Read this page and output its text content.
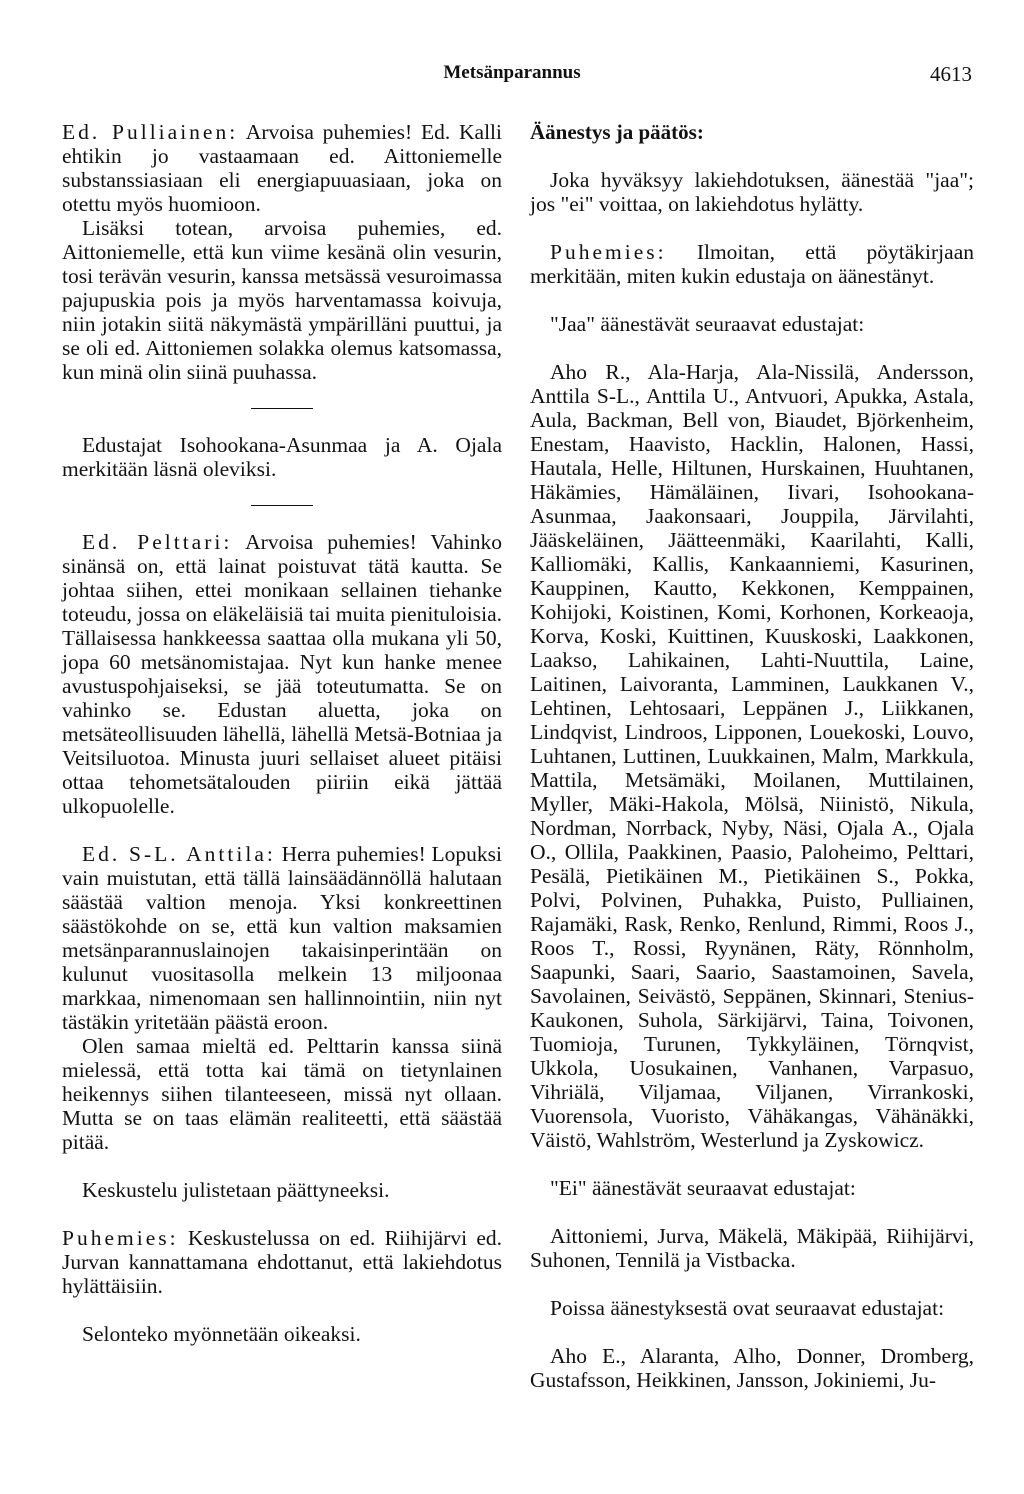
Metsänparannus	4613

Ed. Pulliainen: Arvoisa puhemies! Ed. Kalli ehtikin jo vastaamaan ed. Aittoniemelle substanssiasiaan eli energiapuuasiaan, joka on otettu myös huomioon.

Lisäksi totean, arvoisa puhemies, ed. Aittoniemelle, että kun viime kesänä olin vesurin, tosi terävän vesurin, kanssa metsässä vesuroimassa pajupuskia pois ja myös harventamassa koivuja, niin jotakin siitä näkymästä ympärilläni puuttui, ja se oli ed. Aittoniemen solakka olemus katsomassa, kun minä olin siinä puuhassa.

Edustajat Isohookana-Asunmaa ja A. Ojala merkitään läsnä oleviksi.

Ed. Pelttari: Arvoisa puhemies! Vahinko sinänsä on, että lainat poistuvat tätä kautta. Se johtaa siihen, ettei monikaan sellainen tiehanke toteudu, jossa on eläkeläisiä tai muita pienituloisia. Tällaisessa hankkeessa saattaa olla mukana yli 50, jopa 60 metsänomistajaa. Nyt kun hanke menee avustuspohjaiseksi, se jää toteutumatta. Se on vahinko se. Edustan aluetta, joka on metsäteollisuuden lähellä, lähellä Metsä-Botniaa ja Veitsiluotoa. Minusta juuri sellaiset alueet pitäisi ottaa tehometsätalouden piiriin eikä jättää ulkopuolelle.

Ed. S-L. Anttila: Herra puhemies! Lopuksi vain muistutan, että tällä lainsäädännöllä halutaan säästää valtion menoja. Yksi konkreettinen säästökohde on se, että kun valtion maksamien metsänparannuslainojen takaisinperintään on kulunut vuositasolla melkein 13 miljoonaa markkaa, nimenomaan sen hallinnointiin, niin nyt tästäkin yritetään päästä eroon.

Olen samaa mieltä ed. Pelttarin kanssa siinä mielessä, että totta kai tämä on tietynlainen heikennys siihen tilanteeseen, missä nyt ollaan. Mutta se on taas elämän realiteetti, että säästää pitää.

Keskustelu julistetaan päättyneeksi.

Puhemies: Keskustelussa on ed. Riihijärvi ed. Jurvan kannattamana ehdottanut, että lakiehdotus hylättäisiin.

Selonteko myönnetään oikeaksi.

Äänestys ja päätös:

Joka hyväksyy lakiehdotuksen, äänestää "jaa"; jos "ei" voittaa, on lakiehdotus hylätty.

Puhemies: Ilmoitan, että pöytäkirjaan merkitään, miten kukin edustaja on äänestänyt.

"Jaa" äänestävät seuraavat edustajat:

Aho R., Ala-Harja, Ala-Nissilä, Andersson, Anttila S-L., Anttila U., Antvuori, Apukka, Astala, Aula, Backman, Bell von, Biaudet, Björkenheim, Enestam, Haavisto, Hacklin, Halonen, Hassi, Hautala, Helle, Hiltunen, Hurskainen, Huuhtanen, Häkämies, Hämäläinen, Iivari, Isohookana-Asunmaa, Jaakonsaari, Jouppila, Järvilahti, Jääskeläinen, Jäätteenmäki, Kaarilahti, Kalli, Kalliomäki, Kallis, Kankaanniemi, Kasurinen, Kauppinen, Kautto, Kekkonen, Kemppainen, Kohijoki, Koistinen, Komi, Korhonen, Korkeaoja, Korva, Koski, Kuittinen, Kuuskoski, Laakkonen, Laakso, Lahikainen, Lahti-Nuuttila, Laine, Laitinen, Laivoranta, Lamminen, Laukkanen V., Lehtinen, Lehtosaari, Leppänen J., Liikkanen, Lindqvist, Lindroos, Lipponen, Louekoski, Louvo, Luhtanen, Luttinen, Luukkainen, Malm, Markkula, Mattila, Metsämäki, Moilanen, Muttilainen, Myller, Mäki-Hakola, Mölsä, Niinistö, Nikula, Nordman, Norrback, Nyby, Näsi, Ojala A., Ojala O., Ollila, Paakkinen, Paasio, Paloheimo, Pelttari, Pesälä, Pietikäinen M., Pietikäinen S., Pokka, Polvi, Polvinen, Puhakka, Puisto, Pulliainen, Rajamäki, Rask, Renko, Renlund, Rimmi, Roos J., Roos T., Rossi, Ryynänen, Räty, Rönnholm, Saapunki, Saari, Saario, Saastamoinen, Savela, Savolainen, Seivästö, Seppänen, Skinnari, Stenius-Kaukonen, Suhola, Särkijärvi, Taina, Toivonen, Tuomioja, Turunen, Tykkyläinen, Törnqvist, Ukkola, Uosukainen, Vanhanen, Varpasuo, Vihriälä, Viljamaa, Viljanen, Virrankoski, Vuorensola, Vuoristo, Vähäkangas, Vähänäkki, Väistö, Wahlström, Westerlund ja Zyskowicz.

"Ei" äänestävät seuraavat edustajat:

Aittoniemi, Jurva, Mäkelä, Mäkipää, Riihijärvi, Suhonen, Tennilä ja Vistbacka.

Poissa äänestyksestä ovat seuraavat edustajat:

Aho E., Alaranta, Alho, Donner, Dromberg, Gustafsson, Heikkinen, Jansson, Jokiniemi, Ju-
